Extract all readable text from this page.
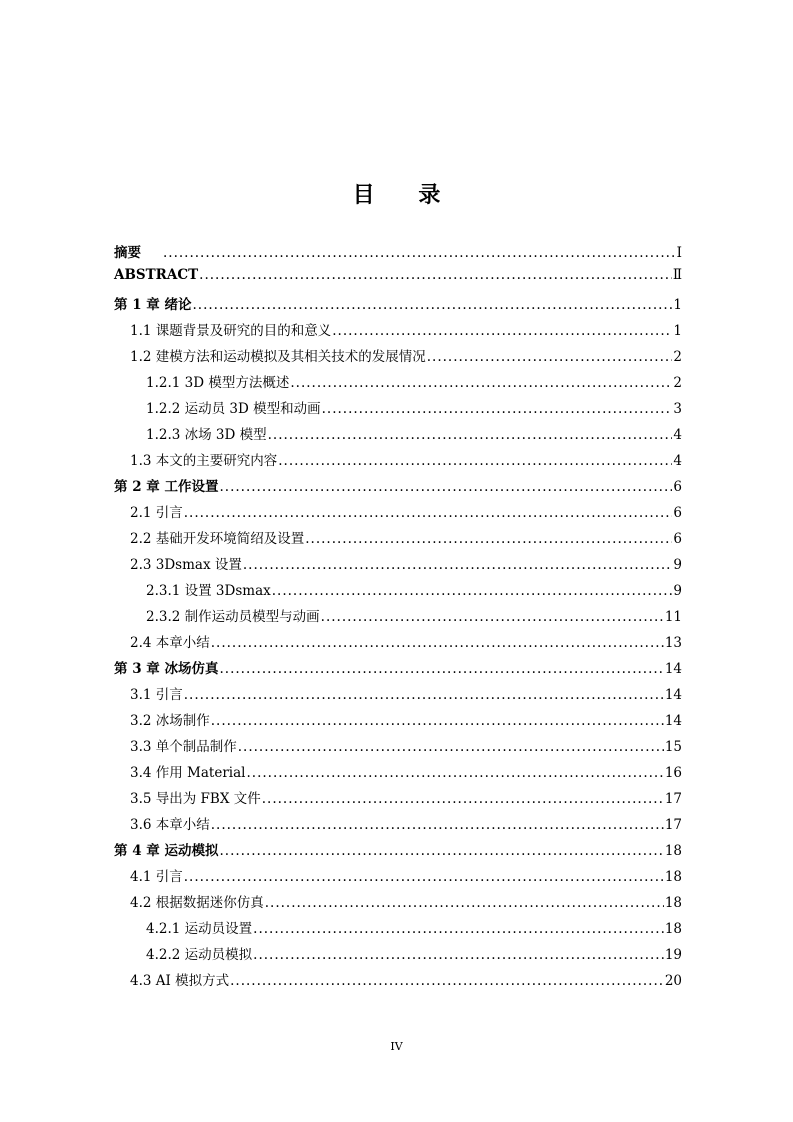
目 录
摘要 .....	Ⅰ
ABSTRACT .....	Ⅱ
第 1 章 绪论 .....	1
1.1 课题背景及研究的目的和意义 .....	1
1.2 建模方法和运动模拟及其相关技术的发展情况 .....	2
1.2.1 3D 模型方法概述 .....	2
1.2.2 运动员 3D 模型和动画 .....	3
1.2.3 冰场 3D 模型 .....	4
1.3 本文的主要研究内容 .....	4
第 2 章 工作设置 .....	6
2.1 引言 .....	6
2.2 基础开发环境简绍及设置 .....	6
2.3 3Dsmax 设置 .....	9
2.3.1 设置 3Dsmax .....	9
2.3.2 制作运动员模型与动画 .....	11
2.4 本章小结 .....	13
第 3 章 冰场仿真 .....	14
3.1 引言 .....	14
3.2 冰场制作 .....	14
3.3 单个制品制作 .....	15
3.4 作用 Material .....	16
3.5 导出为 FBX 文件 .....	17
3.6 本章小结 .....	17
第 4 章 运动模拟 .....	18
4.1 引言 .....	18
4.2 根据数据迷你仿真 .....	18
4.2.1 运动员设置 .....	18
4.2.2 运动员模拟 .....	19
4.3 AI 模拟方式 .....	20
IV
